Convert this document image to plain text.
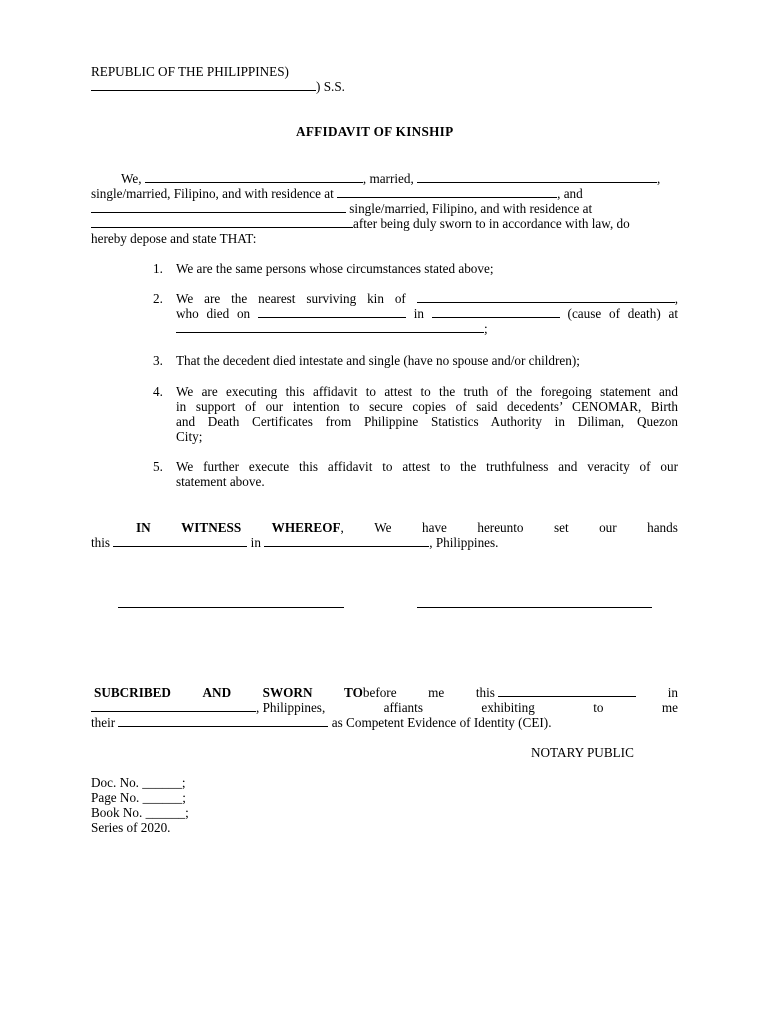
REPUBLIC OF THE PHILIPPINES)
) S.S.
AFFIDAVIT OF KINSHIP
We,	, married,	,
single/married, Filipino, and with residence at	, and
single/married, Filipino, and with residence at
after being duly sworn to in accordance with law, do
hereby depose and state THAT:
1. We are the same persons whose circumstances stated above;
2. We are the nearest surviving kin of	,
who died on	in	(cause of death) at
;
3. That the decedent died intestate and single (have no spouse and/or children);
4. We are executing this affidavit to attest to the truth of the foregoing statement and
in support of our intention to secure copies of said decedents’ CENOMAR, Birth
and Death Certificates from Philippine Statistics Authority in Diliman, Quezon
City;
5. We further execute this affidavit to attest to the truthfulness and veracity of our
statement above.
IN WITNESS WHEREOF, We have hereunto set our hands
this	in	, Philippines.
SUBCRIBED AND SWORN TObefore me this	in
, Philippines,	affiants	exhibiting	to	me
their	as Competent Evidence of Identity (CEI).
NOTARY PUBLIC
Doc. No. ______;
Page No. ______;
Book No. ______;
Series of 2020.
